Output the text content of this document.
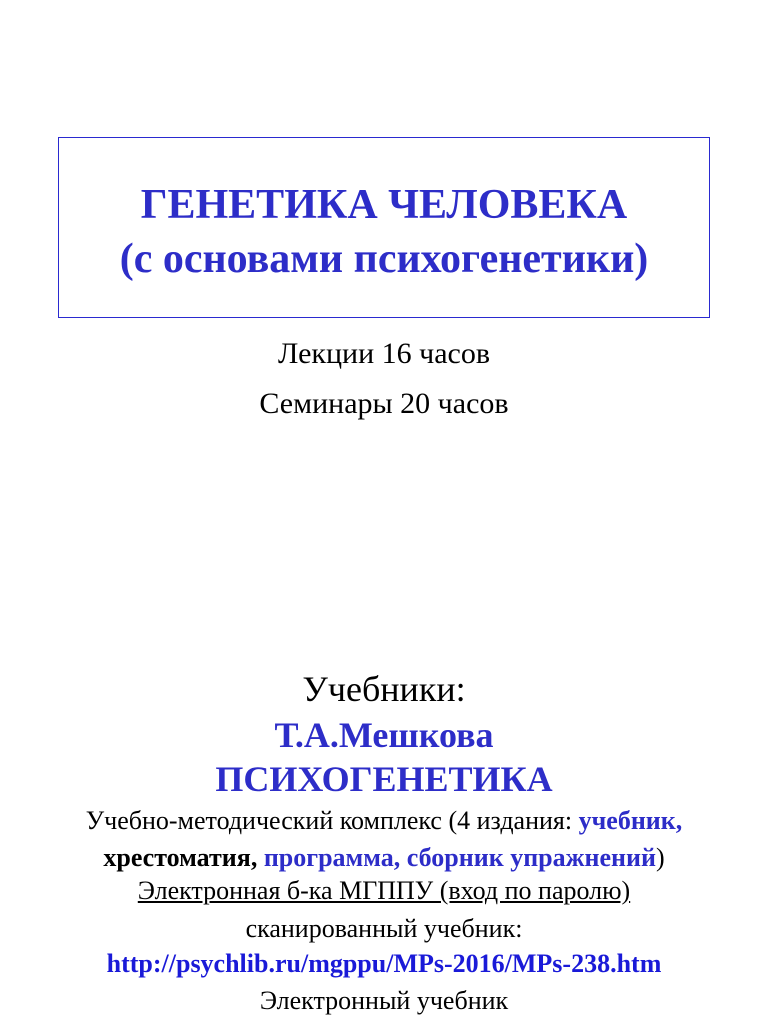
ГЕНЕТИКА ЧЕЛОВЕКА
(с основами психогенетики)
Лекции 16 часов
Семинары 20 часов
Учебники:
Т.А.Мешкова
ПСИХОГЕНЕТИКА
Учебно-методический комплекс (4 издания: учебник,
хрестоматия, программа, сборник упражнений)
Электронная б-ка МГППУ (вход по паролю)
сканированный учебник:
http://psychlib.ru/mgppu/MPs-2016/MPs-238.htm
Электронный учебник
